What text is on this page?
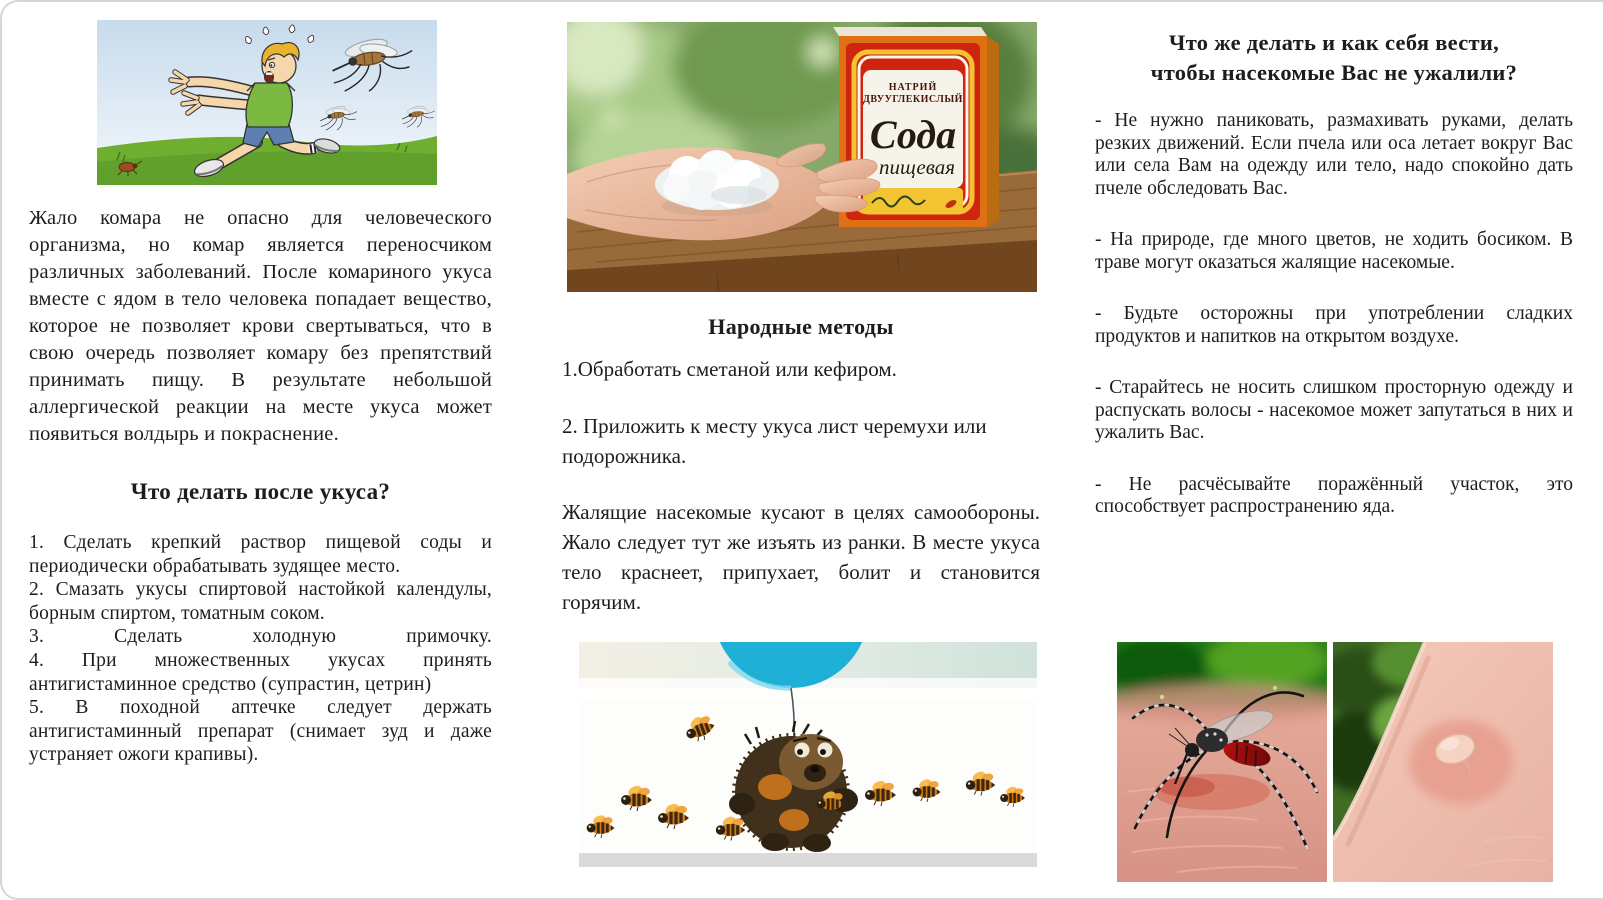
Жало комара не опасно для человеческого организма, но комар является переносчиком различных заболеваний. После комариного укуса вместе с ядом в тело человека попадает вещество, которое не позволяет крови свертываться, что в свою очередь позволяет комару без препятствий принимать пищу. В результате небольшой аллергической реакции на месте укуса может появиться волдырь и покраснение.

Что делать после укуса?

1. Сделать крепкий раствор пищевой соды и периодически обрабатывать зудящее место.

2. Смазать укусы спиртовой настойкой календулы, борным спиртом, томатным соком.

3. Сделать холодную примочку.

4. При множественных укусах принять антигистаминное средство (супрастин, цетрин)

5. В походной аптечке следует держать антигистаминный препарат (снимает зуд и даже устраняет ожоги крапивы).

НАТРИЙ
ДВУУГЛЕКИСЛЫЙ
Сода
пищевая
Народные методы

1.Обработать сметаной или кефиром.

2. Приложить к месту укуса лист черемухи или подорожника.

Жалящие насекомые кусают в целях самообороны. Жало следует тут же изъять из ранки. В месте укуса тело краснеет, припухает, болит и становится горячим.

Что же делать и как себя вести,
чтобы насекомые Вас не ужалили?

- Не нужно паниковать, размахивать руками, делать резких движений. Если пчела или оса летает вокруг Вас или села Вам на одежду или тело, надо спокойно дать пчеле обследовать Вас.

- На природе, где много цветов, не ходить босиком. В траве могут оказаться жалящие насекомые.

- Будьте осторожны при употреблении сладких продуктов и напитков на открытом воздухе.

- Старайтесь не носить слишком просторную одежду и распускать волосы - насекомое может запутаться в них и ужалить Вас.

- Не расчёсывайте поражённый участок, это способствует распространению яда.
